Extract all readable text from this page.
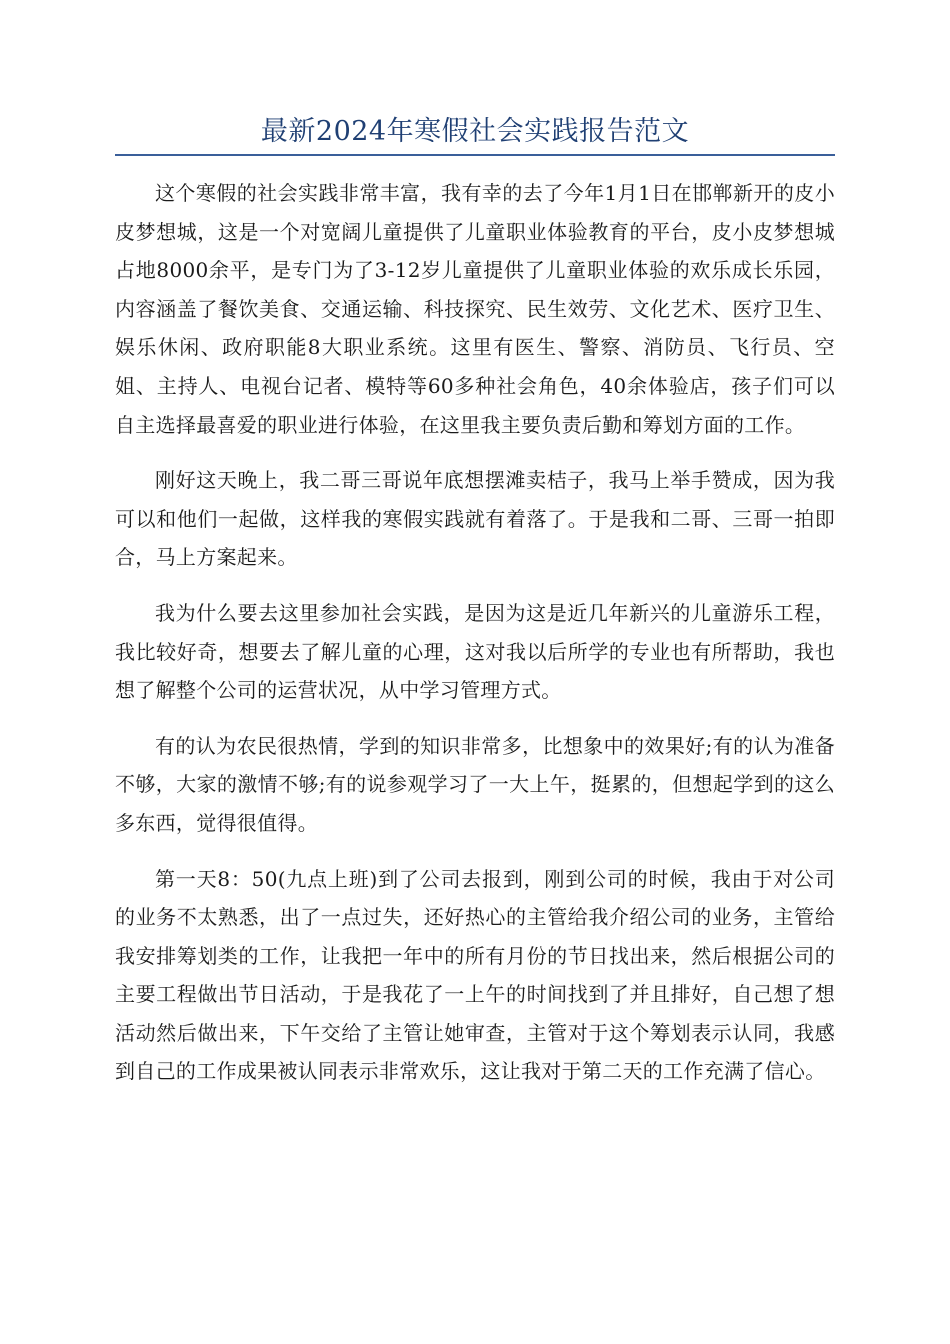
最新2024年寒假社会实践报告范文

这个寒假的社会实践非常丰富，我有幸的去了今年1月1日在邯郸新开的皮小皮梦想城，这是一个对宽阔儿童提供了儿童职业体验教育的平台，皮小皮梦想城占地8000余平，是专门为了3-12岁儿童提供了儿童职业体验的欢乐成长乐园，内容涵盖了餐饮美食、交通运输、科技探究、民生效劳、文化艺术、医疗卫生、娱乐休闲、政府职能8大职业系统。这里有医生、警察、消防员、飞行员、空姐、主持人、电视台记者、模特等60多种社会角色，40余体验店，孩子们可以自主选择最喜爱的职业进行体验，在这里我主要负责后勤和筹划方面的工作。

刚好这天晚上，我二哥三哥说年底想摆滩卖桔子，我马上举手赞成，因为我可以和他们一起做，这样我的寒假实践就有着落了。于是我和二哥、三哥一拍即合，马上方案起来。

我为什么要去这里参加社会实践，是因为这是近几年新兴的儿童游乐工程，我比较好奇，想要去了解儿童的心理，这对我以后所学的专业也有所帮助，我也想了解整个公司的运营状况，从中学习管理方式。

有的认为农民很热情，学到的知识非常多，比想象中的效果好;有的认为准备不够，大家的激情不够;有的说参观学习了一大上午，挺累的，但想起学到的这么多东西，觉得很值得。

第一天8：50(九点上班)到了公司去报到，刚到公司的时候，我由于对公司的业务不太熟悉，出了一点过失，还好热心的主管给我介绍公司的业务，主管给我安排筹划类的工作，让我把一年中的所有月份的节日找出来，然后根据公司的主要工程做出节日活动，于是我花了一上午的时间找到了并且排好，自己想了想活动然后做出来，下午交给了主管让她审查，主管对于这个筹划表示认同，我感到自己的工作成果被认同表示非常欢乐，这让我对于第二天的工作充满了信心。
